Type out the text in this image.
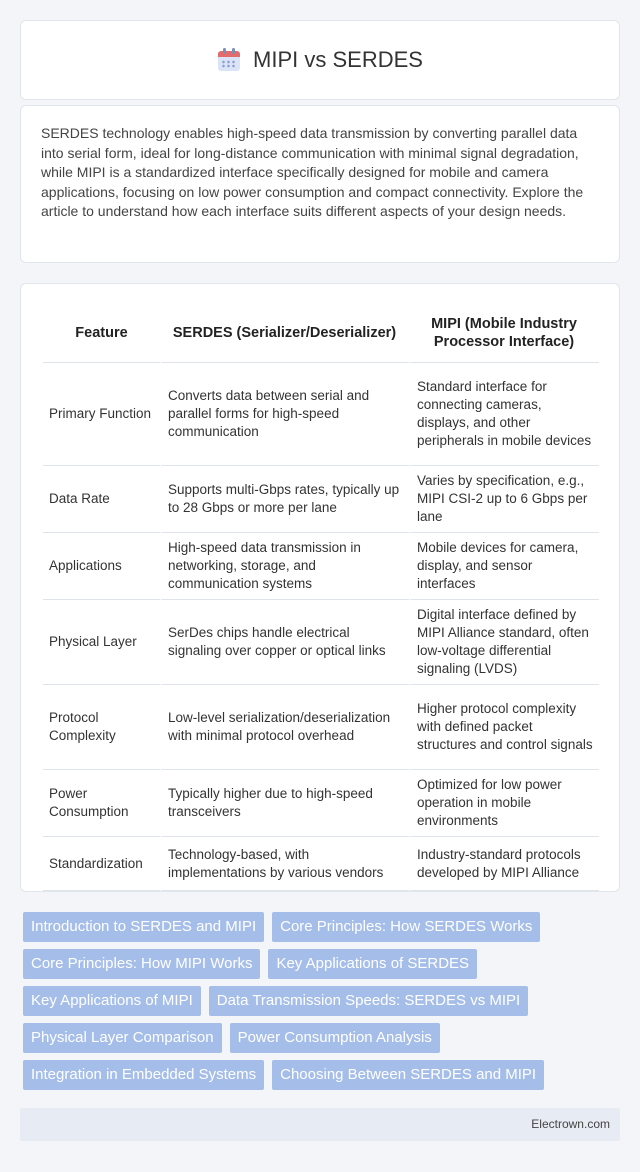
MIPI vs SERDES

SERDES technology enables high-speed data transmission by converting parallel data into serial form, ideal for long-distance communication with minimal signal degradation, while MIPI is a standardized interface specifically designed for mobile and camera applications, focusing on low power consumption and compact connectivity. Explore the article to understand how each interface suits different aspects of your design needs.

Feature	SERDES (Serializer/Deserializer)	MIPI (Mobile Industry Processor Interface)
Primary Function	Converts data between serial and parallel forms for high-speed communication	Standard interface for connecting cameras, displays, and other peripherals in mobile devices
Data Rate	Supports multi-Gbps rates, typically up to 28 Gbps or more per lane	Varies by specification, e.g., MIPI CSI-2 up to 6 Gbps per lane
Applications	High-speed data transmission in networking, storage, and communication systems	Mobile devices for camera, display, and sensor interfaces
Physical Layer	SerDes chips handle electrical signaling over copper or optical links	Digital interface defined by MIPI Alliance standard, often low-voltage differential signaling (LVDS)
Protocol Complexity	Low-level serialization/deserialization with minimal protocol overhead	Higher protocol complexity with defined packet structures and control signals
Power Consumption	Typically higher due to high-speed transceivers	Optimized for low power operation in mobile environments
Standardization	Technology-based, with implementations by various vendors	Industry-standard protocols developed by MIPI Alliance
Introduction to SERDES and MIPI	Core Principles: How SERDES Works
Core Principles: How MIPI Works	Key Applications of SERDES
Key Applications of MIPI	Data Transmission Speeds: SERDES vs MIPI
Physical Layer Comparison	Power Consumption Analysis
Integration in Embedded Systems	Choosing Between SERDES and MIPI
Electrown.com
